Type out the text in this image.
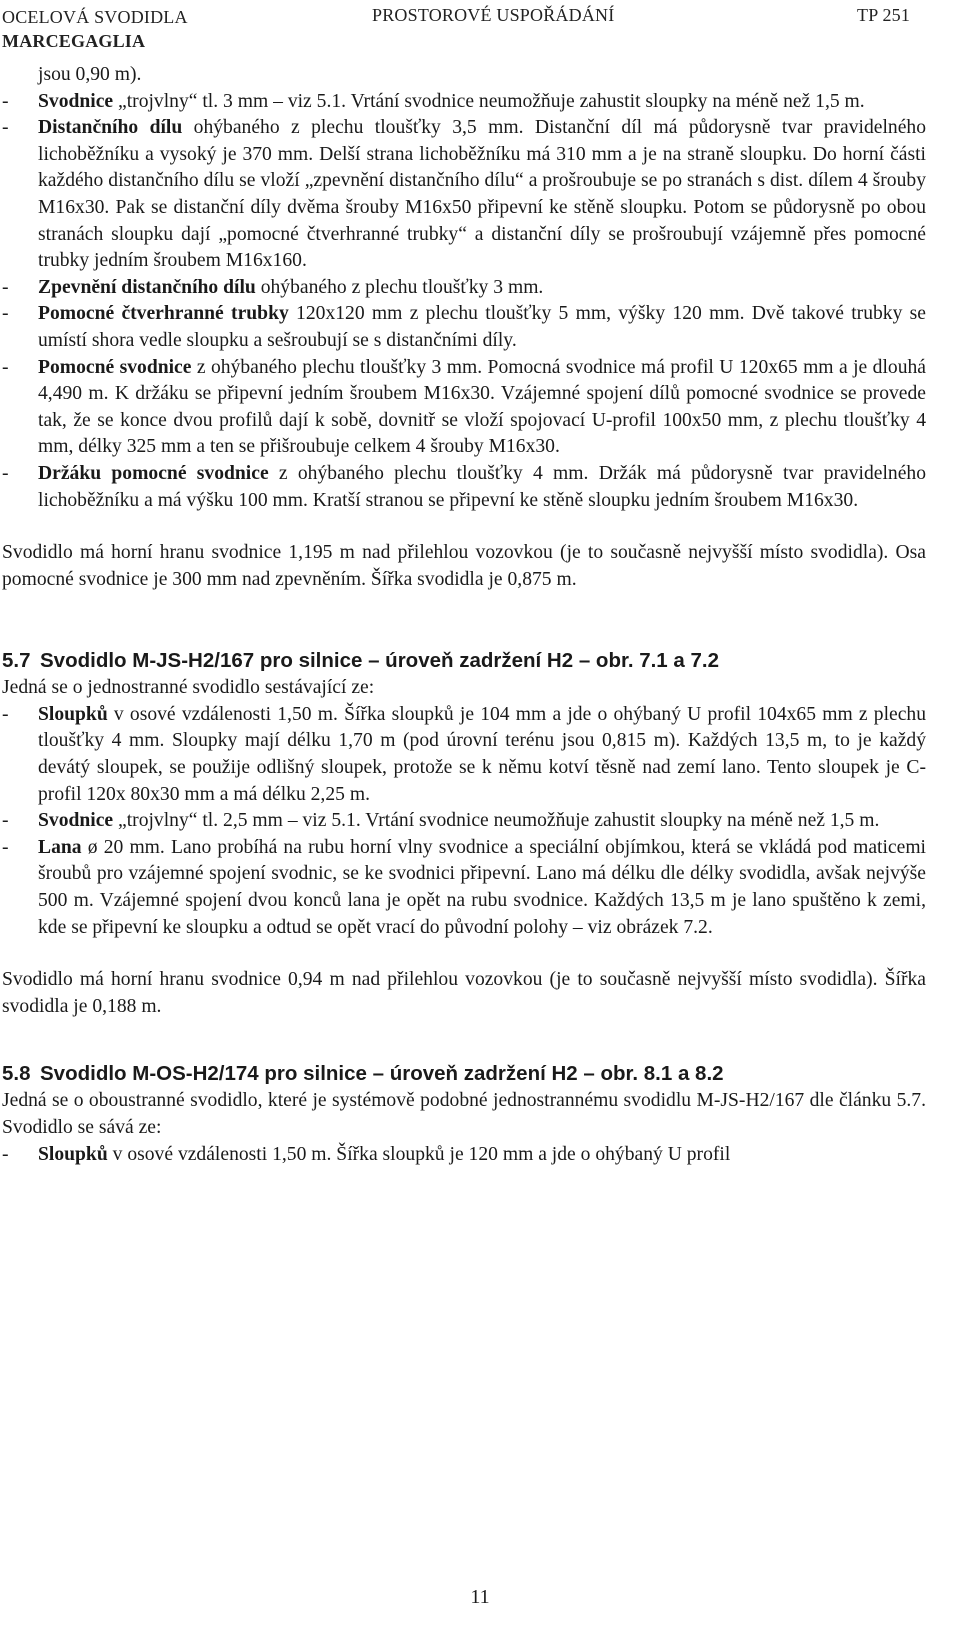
OCELOVÁ SVODIDLA
MARCEGAGLIA
PROSTOROVÉ USPOŘÁDÁNÍ	TP 251

jsou 0,90 m).

- Svodnice „trojvlny“ tl. 3 mm – viz 5.1. Vrtání svodnice neumožňuje zahustit sloupky na méně než 1,5 m.
- Distančního dílu ohýbaného z plechu tloušťky 3,5 mm. Distanční díl má půdorysně tvar pravidelného lichoběžníku a vysoký je 370 mm. Delší strana lichoběžníku má 310 mm a je na straně sloupku. Do horní části každého distančního dílu se vloží „zpevnění distančního dílu“ a prošroubuje se po stranách s dist. dílem 4 šrouby M16x30. Pak se distanční díly dvěma šrouby M16x50 připevní ke stěně sloupku. Potom se půdorysně po obou stranách sloupku dají „pomocné čtverhranné trubky“ a distanční díly se prošroubují vzájemně přes pomocné trubky jedním šroubem M16x160.
- Zpevnění distančního dílu ohýbaného z plechu tloušťky 3 mm.
- Pomocné čtverhranné trubky 120x120 mm z plechu tloušťky 5 mm, výšky 120 mm. Dvě takové trubky se umístí shora vedle sloupku a sešroubují se s distančními díly.
- Pomocné svodnice z ohýbaného plechu tloušťky 3 mm. Pomocná svodnice má profil U 120x65 mm a je dlouhá 4,490 m. K držáku se připevní jedním šroubem M16x30. Vzájemné spojení dílů pomocné svodnice se provede tak, že se konce dvou profilů dají k sobě, dovnitř se vloží spojovací U-profil 100x50 mm, z plechu tloušťky 4 mm, délky 325 mm a ten se přišroubuje celkem 4 šrouby M16x30.
- Držáku pomocné svodnice z ohýbaného plechu tloušťky 4 mm. Držák má půdorysně tvar pravidelného lichoběžníku a má výšku 100 mm. Kratší stranou se připevní ke stěně sloupku jedním šroubem M16x30.

Svodidlo má horní hranu svodnice 1,195 m nad přilehlou vozovkou (je to současně nejvyšší místo svodidla). Osa pomocné svodnice je 300 mm nad zpevněním. Šířka svodidla je 0,875 m.

5.7 Svodidlo M-JS-H2/167 pro silnice – úroveň zadržení H2 – obr. 7.1 a 7.2

Jedná se o jednostranné svodidlo sestávající ze:

- Sloupků v osové vzdálenosti 1,50 m. Šířka sloupků je 104 mm a jde o ohýbaný U profil 104x65 mm z plechu tloušťky 4 mm. Sloupky mají délku 1,70 m (pod úrovní terénu jsou 0,815 m). Každých 13,5 m, to je každý devátý sloupek, se použije odlišný sloupek, protože se k němu kotví těsně nad zemí lano. Tento sloupek je C-profil 120x 80x30 mm a má délku 2,25 m.
- Svodnice „trojvlny“ tl. 2,5 mm – viz 5.1. Vrtání svodnice neumožňuje zahustit sloupky na méně než 1,5 m.
- Lana ø 20 mm. Lano probíhá na rubu horní vlny svodnice a speciální objímkou, která se vkládá pod maticemi šroubů pro vzájemné spojení svodnic, se ke svodnici připevní. Lano má délku dle délky svodidla, avšak nejvýše 500 m. Vzájemné spojení dvou konců lana je opět na rubu svodnice. Každých 13,5 m je lano spuštěno k zemi, kde se připevní ke sloupku a odtud se opět vrací do původní polohy – viz obrázek 7.2.

Svodidlo má horní hranu svodnice 0,94 m nad přilehlou vozovkou (je to současně nejvyšší místo svodidla). Šířka svodidla je 0,188 m.

5.8 Svodidlo M-OS-H2/174 pro silnice – úroveň zadržení H2 – obr. 8.1 a 8.2

Jedná se o oboustranné svodidlo, které je systémově podobné jednostrannému svodidlu M-JS-H2/167 dle článku 5.7. Svodidlo se sává ze:

- Sloupků v osové vzdálenosti 1,50 m. Šířka sloupků je 120 mm a jde o ohýbaný U profil
11
